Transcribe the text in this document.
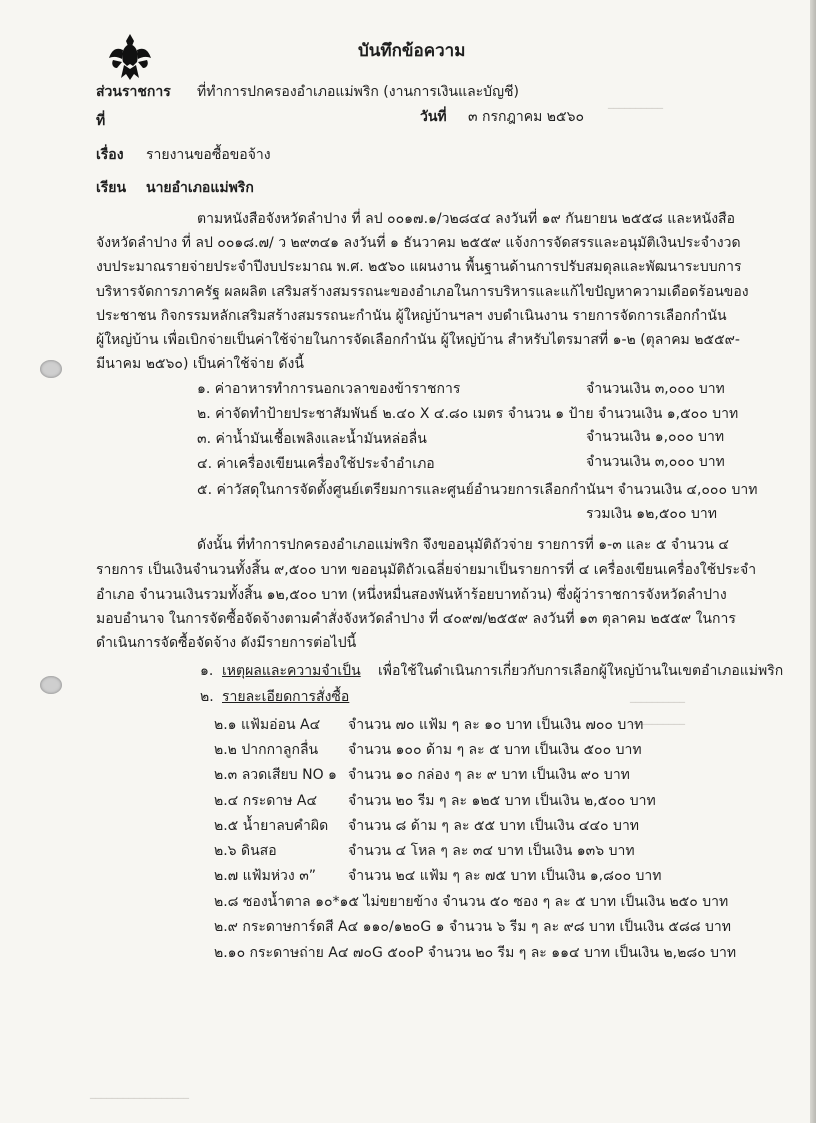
__________
__________
__________
__________________
บันทึกข้อความ
ส่วนราชการ ที่ทำการปกครองอำเภอแม่พริก (งานการเงินและบัญชี)
ที่	วันที่ ๓ กรกฎาคม ๒๕๖๐
เรื่อง รายงานขอซื้อขอจ้าง
เรียน นายอำเภอแม่พริก
ตามหนังสือจังหวัดลำปาง ที่ ลป ๐๐๑๗.๑/ว๒๘๔๔ ลงวันที่ ๑๙ กันยายน ๒๕๕๘ และหนังสือ
จังหวัดลำปาง ที่ ลป ๐๐๑๘.๗/ ว ๒๙๓๔๑ ลงวันที่ ๑ ธันวาคม ๒๕๕๙ แจ้งการจัดสรรและอนุมัติเงินประจำงวด
งบประมาณรายจ่ายประจำปีงบประมาณ พ.ศ. ๒๕๖๐ แผนงาน พื้นฐานด้านการปรับสมดุลและพัฒนาระบบการ
บริหารจัดการภาครัฐ ผลผลิต เสริมสร้างสมรรถนะของอำเภอในการบริหารและแก้ไขปัญหาความเดือดร้อนของ
ประชาชน กิจกรรมหลักเสริมสร้างสมรรถนะกำนัน ผู้ใหญ่บ้านฯลฯ งบดำเนินงาน รายการจัดการเลือกกำนัน
ผู้ใหญ่บ้าน เพื่อเบิกจ่ายเป็นค่าใช้จ่ายในการจัดเลือกกำนัน ผู้ใหญ่บ้าน สำหรับไตรมาสที่ ๑-๒ (ตุลาคม ๒๕๕๙-
มีนาคม ๒๕๖๐) เป็นค่าใช้จ่าย ดังนี้
๑. ค่าอาหารทำการนอกเวลาของข้าราชการ	จำนวนเงิน ๓,๐๐๐ บาท
๒. ค่าจัดทำป้ายประชาสัมพันธ์ ๒.๔๐ X ๔.๘๐ เมตร จำนวน ๑ ป้าย จำนวนเงิน ๑,๕๐๐ บาท
๓. ค่าน้ำมันเชื้อเพลิงและน้ำมันหล่อลื่น	จำนวนเงิน ๑,๐๐๐ บาท
๔. ค่าเครื่องเขียนเครื่องใช้ประจำอำเภอ	จำนวนเงิน ๓,๐๐๐ บาท
๕. ค่าวัสดุในการจัดตั้งศูนย์เตรียมการและศูนย์อำนวยการเลือกกำนันฯ จำนวนเงิน ๔,๐๐๐ บาท
รวมเงิน ๑๒,๕๐๐ บาท
ดังนั้น ที่ทำการปกครองอำเภอแม่พริก จึงขออนุมัติถัวจ่าย รายการที่ ๑-๓ และ ๕ จำนวน ๔
รายการ เป็นเงินจำนวนทั้งสิ้น ๙,๕๐๐ บาท ขออนุมัติถัวเฉลี่ยจ่ายมาเป็นรายการที่ ๔ เครื่องเขียนเครื่องใช้ประจำ
อำเภอ จำนวนเงินรวมทั้งสิ้น ๑๒,๕๐๐ บาท (หนึ่งหมื่นสองพันห้าร้อยบาทถ้วน) ซึ่งผู้ว่าราชการจังหวัดลำปาง
มอบอำนาจ ในการจัดซื้อจัดจ้างตามคำสั่งจังหวัดลำปาง ที่ ๔๐๙๗/๒๕๕๙ ลงวันที่ ๑๓ ตุลาคม ๒๕๕๙ ในการ
ดำเนินการจัดซื้อจัดจ้าง ดังมีรายการต่อไปนี้
๑. เหตุผลและความจำเป็น เพื่อใช้ในดำเนินการเกี่ยวกับการเลือกผู้ใหญ่บ้านในเขตอำเภอแม่พริก
๒. รายละเอียดการสั่งซื้อ
๒.๑ แฟ้มอ่อน A๔ จำนวน ๗๐ แฟ้ม ๆ ละ ๑๐ บาท เป็นเงิน ๗๐๐ บาท
๒.๒ ปากกาลูกลื่น จำนวน ๑๐๐ ด้าม ๆ ละ ๕ บาท เป็นเงิน ๕๐๐ บาท
๒.๓ ลวดเสียบ NO ๑ จำนวน ๑๐ กล่อง ๆ ละ ๙ บาท เป็นเงิน ๙๐ บาท
๒.๔ กระดาษ A๔ จำนวน ๒๐ รีม ๆ ละ ๑๒๕ บาท เป็นเงิน ๒,๕๐๐ บาท
๒.๕ น้ำยาลบคำผิด จำนวน ๘ ด้าม ๆ ละ ๕๕ บาท เป็นเงิน ๔๔๐ บาท
๒.๖ ดินสอ	จำนวน ๔ โหล ๆ ละ ๓๔ บาท เป็นเงิน ๑๓๖ บาท
๒.๗ แฟ้มห่วง ๓” จำนวน ๒๔ แฟ้ม ๆ ละ ๗๕ บาท เป็นเงิน ๑,๘๐๐ บาท
๒.๘ ซองน้ำตาล ๑๐*๑๕ ไม่ขยายข้าง จำนวน ๕๐ ซอง ๆ ละ ๕ บาท เป็นเงิน ๒๕๐ บาท
๒.๙ กระดาษการ์ดสี A๔ ๑๑๐/๑๒๐G ๑ จำนวน ๖ รีม ๆ ละ ๙๘ บาท เป็นเงิน ๕๘๘ บาท
๒.๑๐ กระดาษถ่าย A๔ ๗๐G ๕๐๐P จำนวน ๒๐ รีม ๆ ละ ๑๑๔ บาท เป็นเงิน ๒,๒๘๐ บาท
